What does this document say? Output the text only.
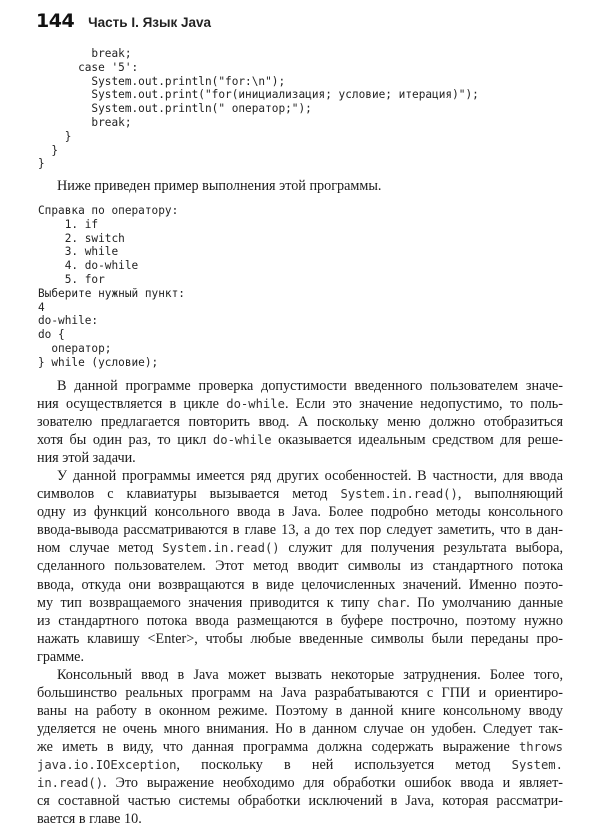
144 Часть I. Язык Java
break;
case '5':
System.out.println("for:\n");
System.out.print("for(инициализация; условие; итерация)");
System.out.println(" оператор;");
break;
}
}
}
Ниже приведен пример выполнения этой программы.
Справка по оператору:
1. if
2. switch
3. while
4. do-while
5. for
Выберите нужный пункт:
4
do-while:
do {
оператор;
} while (условие);
В данной программе проверка допустимости введенного пользователем значе-
ния осуществляется в цикле do-while. Если это значение недопустимо, то поль-
зователю предлагается повторить ввод. А поскольку меню должно отобразиться
хотя бы один раз, то цикл do-while оказывается идеальным средством для реше-
ния этой задачи.
У данной программы имеется ряд других особенностей. В частности, для ввода
символов с клавиатуры вызывается метод System.in.read(), выполняющий
одну из функций консольного ввода в Java. Более подробно методы консольного
ввода-вывода рассматриваются в главе 13, а до тех пор следует заметить, что в дан-
ном случае метод System.in.read() служит для получения результата выбора,
сделанного пользователем. Этот метод вводит символы из стандартного потока
ввода, откуда они возвращаются в виде целочисленных значений. Именно поэто-
му тип возвращаемого значения приводится к типу char. По умолчанию данные
из стандартного потока ввода размещаются в буфере построчно, поэтому нужно
нажать клавишу <Enter>, чтобы любые введенные символы были переданы про-
грамме.
Консольный ввод в Java может вызвать некоторые затруднения. Более того,
большинство реальных программ на Java разрабатываются с ГПИ и ориентиро-
ваны на работу в оконном режиме. Поэтому в данной книге консольному вводу
уделяется не очень много внимания. Но в данном случае он удобен. Следует так-
же иметь в виду, что данная программа должна содержать выражение throws
java.io.IOException, поскольку в ней используется метод System.
in.read(). Это выражение необходимо для обработки ошибок ввода и являет-
ся составной частью системы обработки исключений в Java, которая рассматри-
вается в главе 10.
